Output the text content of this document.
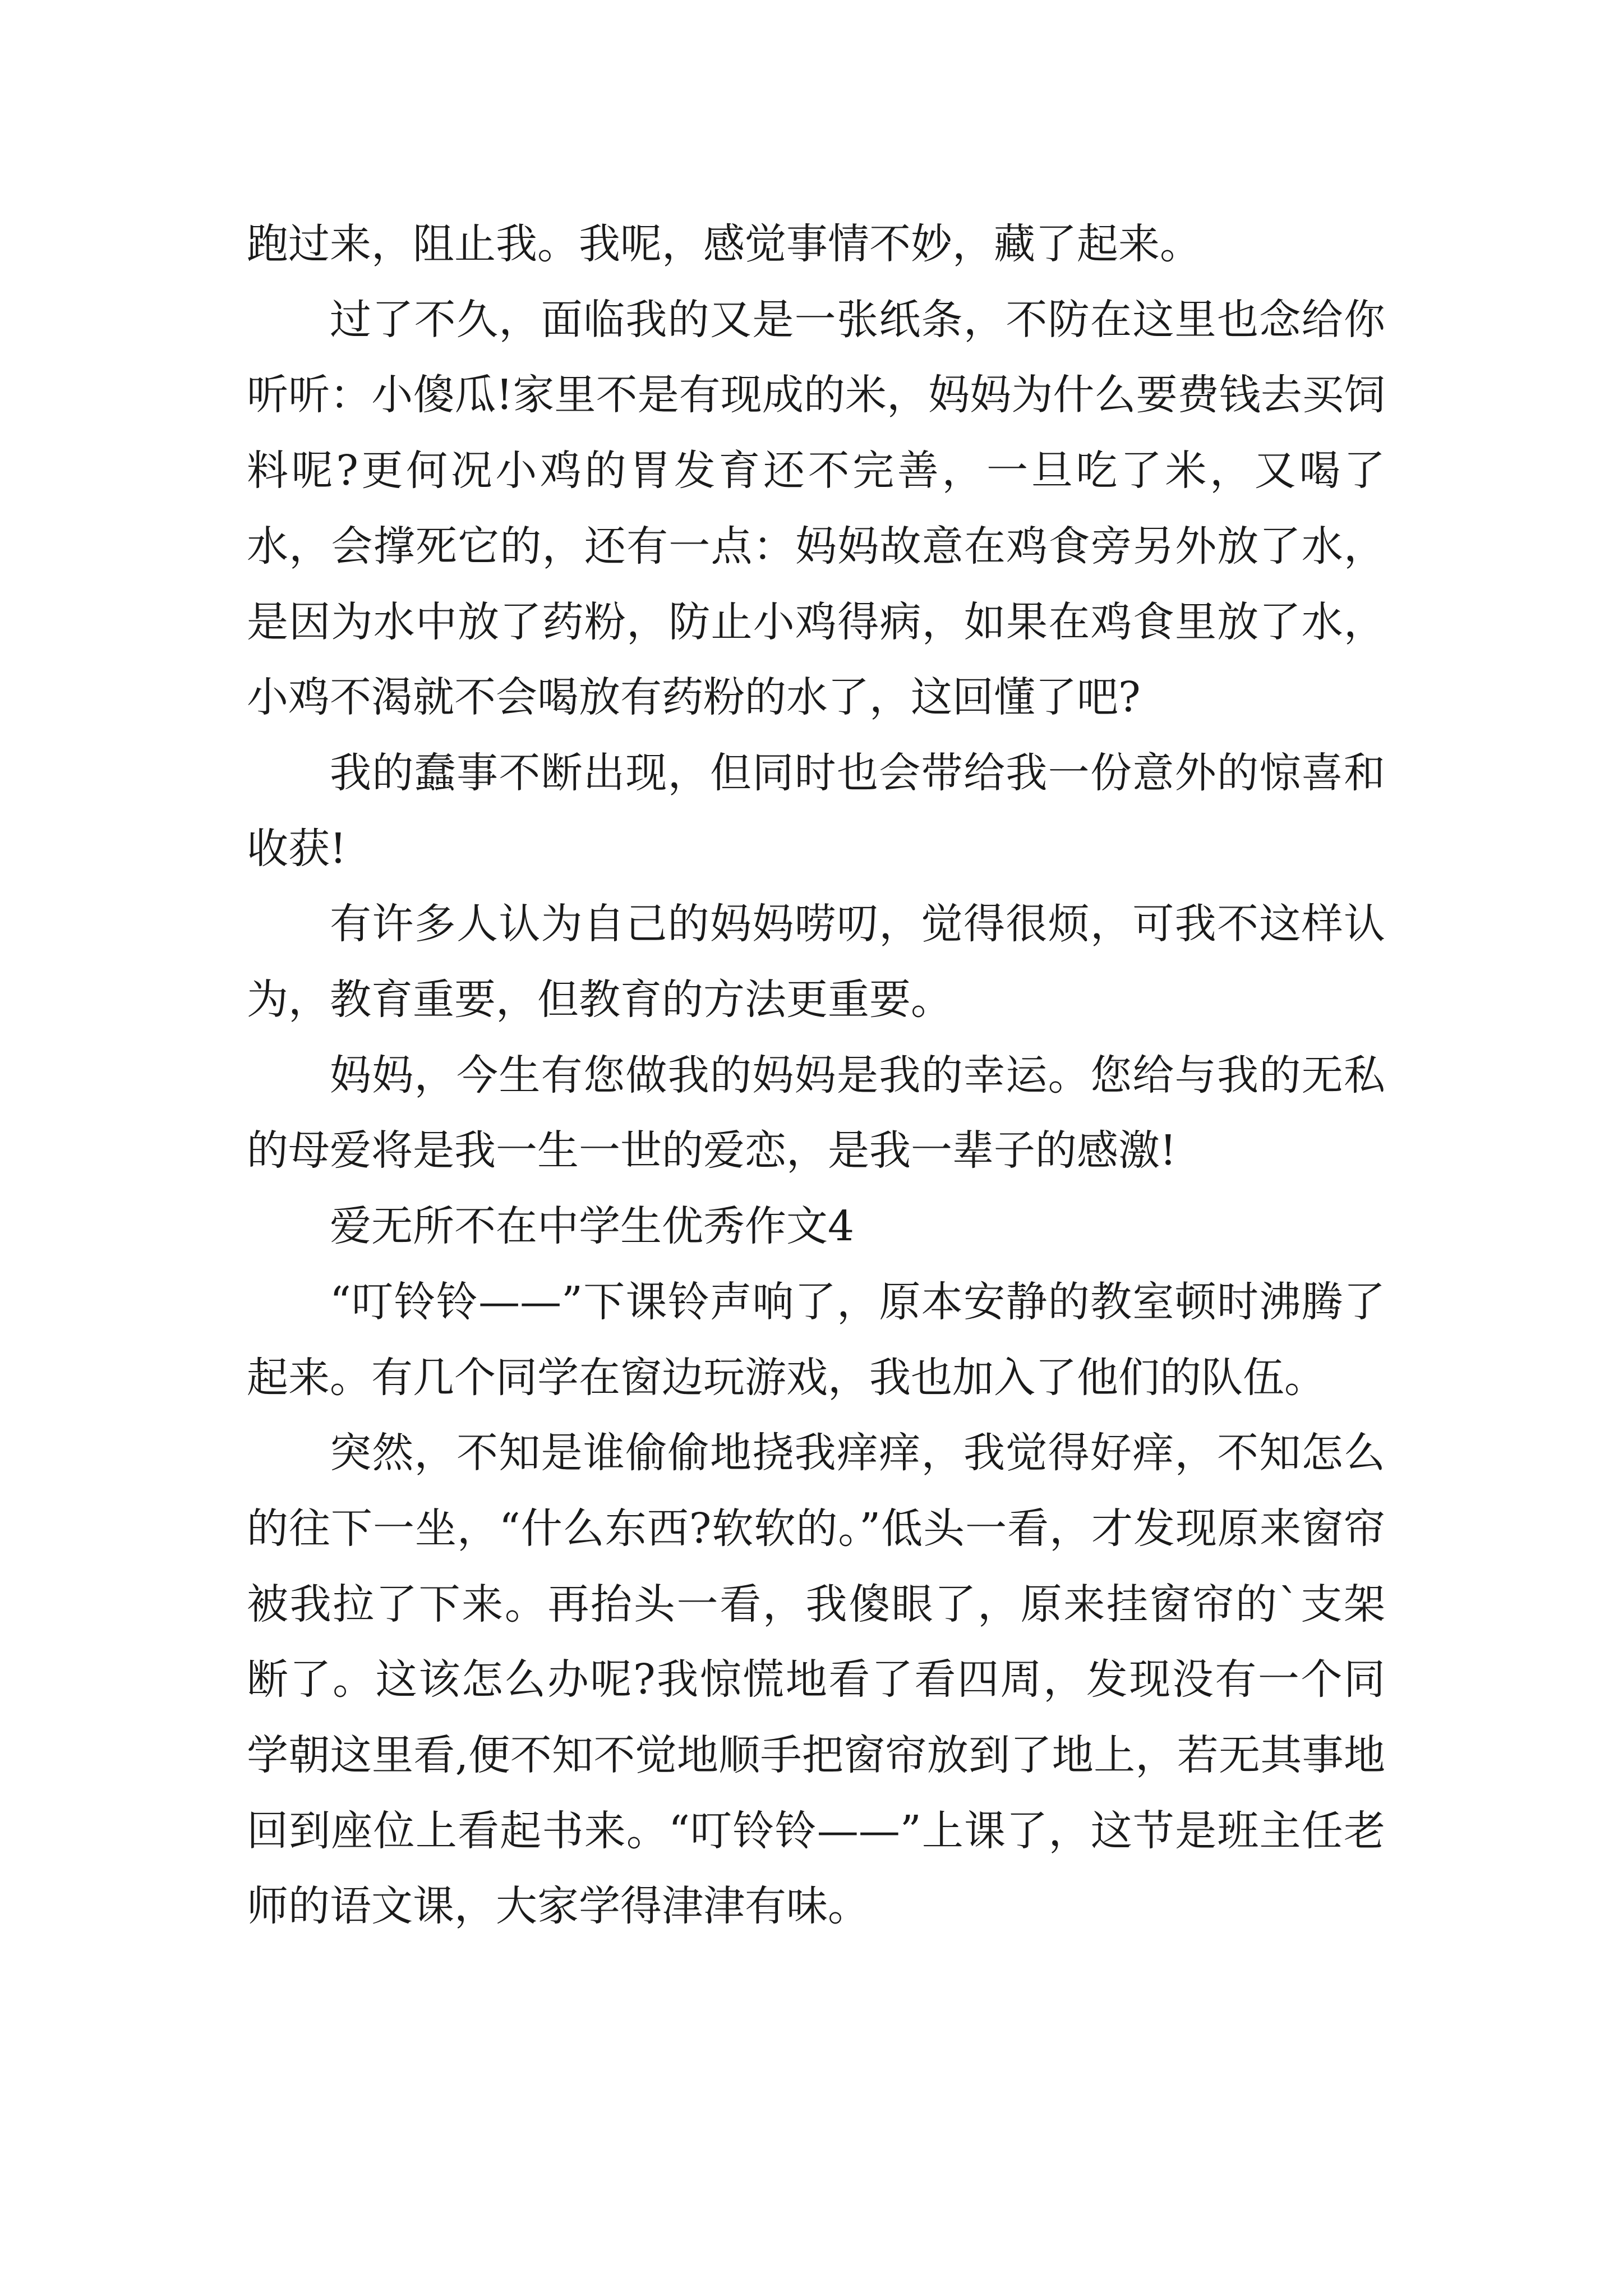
跑过来，阻止我。我呢，感觉事情不妙，藏了起来。

过了不久，面临我的又是一张纸条，不防在这里也念给你听听：小傻瓜!家里不是有现成的米，妈妈为什么要费钱去买饲料呢?更何况小鸡的胃发育还不完善，一旦吃了米，又喝了水，会撑死它的，还有一点：妈妈故意在鸡食旁另外放了水，是因为水中放了药粉，防止小鸡得病，如果在鸡食里放了水，小鸡不渴就不会喝放有药粉的水了，这回懂了吧?

我的蠢事不断出现，但同时也会带给我一份意外的惊喜和收获!

有许多人认为自己的妈妈唠叨，觉得很烦，可我不这样认为，教育重要，但教育的方法更重要。

妈妈，今生有您做我的妈妈是我的幸运。您给与我的无私的母爱将是我一生一世的爱恋，是我一辈子的感激!

爱无所不在中学生优秀作文4

“叮铃铃——”下课铃声响了，原本安静的教室顿时沸腾了起来。有几个同学在窗边玩游戏，我也加入了他们的队伍。

突然，不知是谁偷偷地挠我痒痒，我觉得好痒，不知怎么的往下一坐，“什么东西?软软的。”低头一看，才发现原来窗帘被我拉了下来。再抬头一看，我傻眼了，原来挂窗帘的`支架断了。这该怎么办呢?我惊慌地看了看四周，发现没有一个同学朝这里看,便不知不觉地顺手把窗帘放到了地上，若无其事地回到座位上看起书来。“叮铃铃——”上课了，这节是班主任老师的语文课，大家学得津津有味。
